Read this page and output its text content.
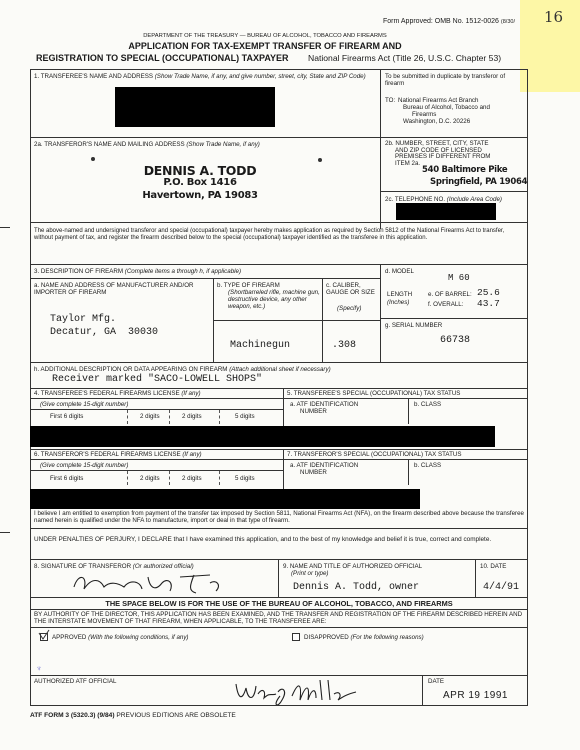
16
Form Approved: OMB No. 1512-0026 (8/30/
DEPARTMENT OF THE TREASURY — BUREAU OF ALCOHOL, TOBACCO AND FIREARMS
APPLICATION FOR TAX-EXEMPT TRANSFER OF FIREARM AND
REGISTRATION TO SPECIAL (OCCUPATIONAL) TAXPAYER National Firearms Act (Title 26, U.S.C. Chapter 53)
1. TRANSFEREE'S NAME AND ADDRESS (Show Trade Name, if any, and give number, street, city, State and ZIP Code)	To be submitted in duplicate by transferor of firearm
TO: National Firearms Act Branch
Bureau of Alcohol, Tobacco and
Firearms
Washington, D.C. 20226
2a. TRANSFEROR'S NAME AND MAILING ADDRESS (Show Trade Name, if any)
DENNIS A. TODD
P.O. Box 1416
Havertown, PA 19083
2b. NUMBER, STREET, CITY, STATE
AND ZIP CODE OF LICENSED
PREMISES IF DIFFERENT FROM
ITEM 2a.
540 Baltimore Pike
Springfield, PA 19064
2c. TELEPHONE NO. (Include Area Code)
The above-named and undersigned transferor and special (occupational) taxpayer hereby makes application as required by Section 5812 of the National Firearms Act to transfer, without payment of tax, and register the firearm described below to the special (occupational) taxpayer identified as the transferee in this application.
3. DESCRIPTION OF FIREARM (Complete items a through h, if applicable)	d. MODEL
M 60
a. NAME AND ADDRESS OF MANUFACTURER AND/OR IMPORTER OF FIREARM
Taylor Mfg.
Decatur, GA  30030
b. TYPE OF FIREARM
(Shortbarreled rifle, machine gun, destructive device, any other weapon, etc.)
Machinegun
c. CALIBER, GAUGE OR SIZE
(Specify)
.308
LENGTH
(Inches)
e. OF BARREL: 25.6
f. OVERALL: 43.7
g. SERIAL NUMBER
66738
h. ADDITIONAL DESCRIPTION OR DATA APPEARING ON FIREARM (Attach additional sheet if necessary)
Receiver marked "SACO-LOWELL SHOPS"
4. TRANSFEREE'S FEDERAL FIREARMS LICENSE (If any)
(Give complete 15-digit number)
First 6 digits	2 digits	2 digits	5 digits
5. TRANSFEREE'S SPECIAL (OCCUPATIONAL) TAX STATUS
a. ATF IDENTIFICATION
NUMBER
b. CLASS
6. TRANSFEROR'S FEDERAL FIREARMS LICENSE (If any)
(Give complete 15-digit number)
First 6 digits	2 digits	2 digits	5 digits
7. TRANSFEROR'S SPECIAL (OCCUPATIONAL) TAX STATUS
a. ATF IDENTIFICATION
NUMBER
b. CLASS
I believe I am entitled to exemption from payment of the transfer tax imposed by Section 5811, National Firearms Act (NFA), on the firearm described above because the transferee named herein is qualified under the NFA to manufacture, import or deal in that type of firearm.
UNDER PENALTIES OF PERJURY, I DECLARE that I have examined this application, and to the best of my knowledge and belief it is true, correct and complete.
8. SIGNATURE OF TRANSFEROR (Or authorized official)	9. NAME AND TITLE OF AUTHORIZED OFFICIAL
(Print or type)
Dennis A. Todd, owner
10. DATE
4/4/91
THE SPACE BELOW IS FOR THE USE OF THE BUREAU OF ALCOHOL, TOBACCO, AND FIREARMS
BY AUTHORITY OF THE DIRECTOR, THIS APPLICATION HAS BEEN EXAMINED, AND THE TRANSFER AND REGISTRATION OF THE FIREARM DESCRIBED HEREIN AND THE INTERSTATE MOVEMENT OF THAT FIREARM, WHEN APPLICABLE, TO THE TRANSFEREE ARE:
APPROVED (With the following conditions, if any)	DISAPPROVED (For the following reasons)
♆
AUTHORIZED ATF OFFICIAL	DATE
APR 19 1991
ATF FORM 3 (5320.3) (9/84) PREVIOUS EDITIONS ARE OBSOLETE
